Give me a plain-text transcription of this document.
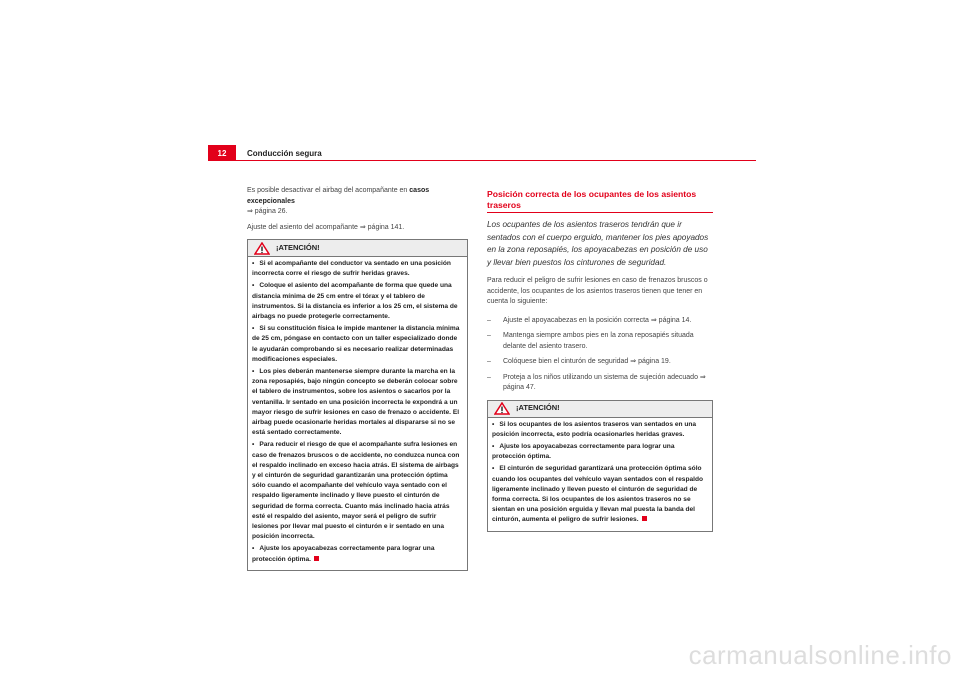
12	Conducción segura

Es posible desactivar el airbag del acompañante en casos excepcionales
⇒ página 26.

Ajuste del asiento del acompañante ⇒ página 141.

¡ATENCIÓN!
• Si el acompañante del conductor va sentado en una posición incorrecta corre el riesgo de sufrir heridas graves.
• Coloque el asiento del acompañante de forma que quede una distancia mínima de 25 cm entre el tórax y el tablero de instrumentos. Si la distancia es inferior a los 25 cm, el sistema de airbags no puede protegerle correctamente.
• Si su constitución física le impide mantener la distancia mínima de 25 cm, póngase en contacto con un taller especializado donde le ayudarán comprobando si es necesario realizar determinadas modificaciones especiales.
• Los pies deberán mantenerse siempre durante la marcha en la zona reposapiés, bajo ningún concepto se deberán colocar sobre el tablero de instrumentos, sobre los asientos o sacarlos por la ventanilla. Ir sentado en una posición incorrecta le expondrá a un mayor riesgo de sufrir lesiones en caso de frenazo o accidente. El airbag puede ocasionarle heridas mortales al dispararse si no se está sentado correctamente.
• Para reducir el riesgo de que el acompañante sufra lesiones en caso de frenazos bruscos o de accidente, no conduzca nunca con el respaldo inclinado en exceso hacia atrás. El sistema de airbags y el cinturón de seguridad garantizarán una protección óptima sólo cuando el acompañante del vehículo vaya sentado con el respaldo ligeramente inclinado y lleve puesto el cinturón de seguridad de forma correcta. Cuanto más inclinado hacia atrás esté el respaldo del asiento, mayor será el peligro de sufrir lesiones por llevar mal puesto el cinturón e ir sentado en una posición incorrecta.
• Ajuste los apoyacabezas correctamente para lograr una protección óptima.
Posición correcta de los ocupantes de los asientos traseros
Los ocupantes de los asientos traseros tendrán que ir sentados con el cuerpo erguido, mantener los pies apoyados en la zona reposapiés, los apoyacabezas en posición de uso y llevar bien puestos los cinturones de seguridad.

Para reducir el peligro de sufrir lesiones en caso de frenazos bruscos o accidente, los ocupantes de los asientos traseros tienen que tener en cuenta lo siguiente:

–	Ajuste el apoyacabezas en la posición correcta ⇒ página 14.
–	Mantenga siempre ambos pies en la zona reposapiés situada delante del asiento trasero.
–	Colóquese bien el cinturón de seguridad ⇒ página 19.
–	Proteja a los niños utilizando un sistema de sujeción adecuado ⇒ página 47.
¡ATENCIÓN!
• Si los ocupantes de los asientos traseros van sentados en una posición incorrecta, esto podría ocasionarles heridas graves.
• Ajuste los apoyacabezas correctamente para lograr una protección óptima.
• El cinturón de seguridad garantizará una protección óptima sólo cuando los ocupantes del vehículo vayan sentados con el respaldo ligeramente inclinado y lleven puesto el cinturón de seguridad de forma correcta. Si los ocupantes de los asientos traseros no se sientan en una posición erguida y llevan mal puesta la banda del cinturón, aumenta el peligro de sufrir lesiones.
carmanualsonline.info
